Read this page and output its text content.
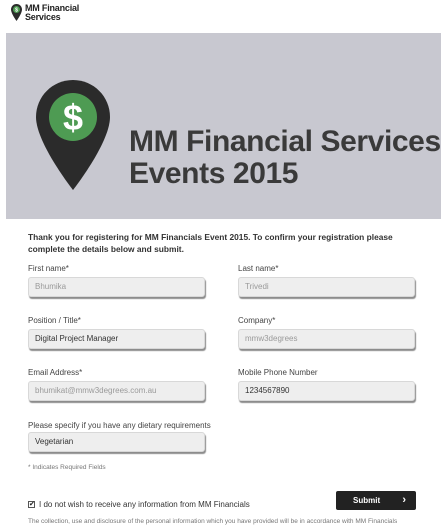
$ MM Financial
Services
$
MM Financial Services
Events 2015
Thank you for registering for MM Financials Event 2015. To confirm your registration please complete the details below and submit.
First name*
Bhumika
Last name*
Trivedi
Position / Title*
Digital Project Manager
Company*
mmw3degrees
Email Address*
bhumikat@mmw3degrees.com.au
Mobile Phone Number
1234567890
Please specify if you have any dietary requirements
Vegetarian
* Indicates Required Fields
✔ I do not wish to receive any information from MM Financials	Submit ›
The collection, use and disclosure of the personal information which you have provided will be in accordance with MM Financials
